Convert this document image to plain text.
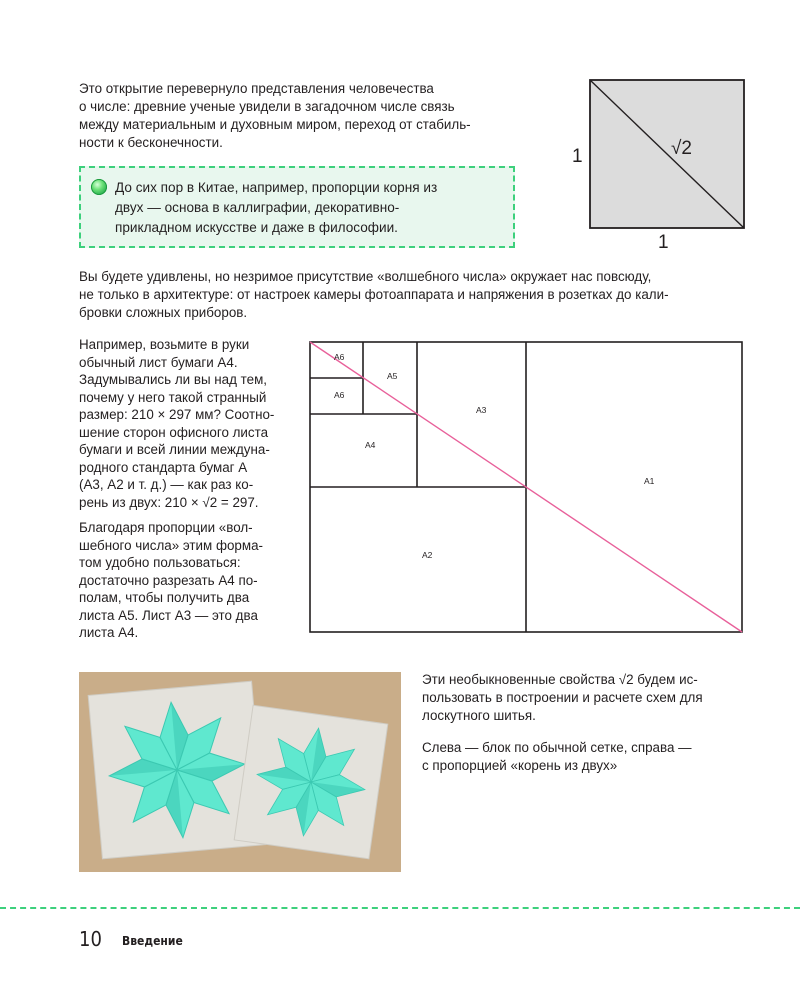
Это открытие перевернуло представления человечества
о числе: древние ученые увидели в загадочном числе связь
между материальным и духовным миром, переход от стабиль-
ности к бесконечности.

До сих пор в Китае, например, пропорции корня из
двух — основа в каллиграфии, декоративно-
прикладном искусстве и даже в философии.

1
1
√2

Вы будете удивлены, но незримое присутствие «волшебного числа» окружает нас повсюду,
не только в архитектуре: от настроек камеры фотоаппарата и напряжения в розетках до кали-
бровки сложных приборов.

Например, возьмите в руки
обычный лист бумаги А4.
Задумывались ли вы над тем,
почему у него такой странный
размер: 210 × 297 мм? Соотно-
шение сторон офисного листа
бумаги и всей линии междуна-
родного стандарта бумаг А
(А3, А2 и т. д.) — как раз ко-
рень из двух: 210 × √2 = 297.

Благодаря пропорции «вол-
шебного числа» этим форма-
том удобно пользоваться:
достаточно разрезать А4 по-
полам, чтобы получить два
листа А5. Лист А3 — это два
листа А4.

A1
A2
A3
A4
A5
A6
A6

Эти необыкновенные свойства √2 будем ис-
пользовать в построении и расчете схем для
лоскутного шитья.

Слева — блок по обычной сетке, справа —
с пропорцией «корень из двух»

10 Введение
